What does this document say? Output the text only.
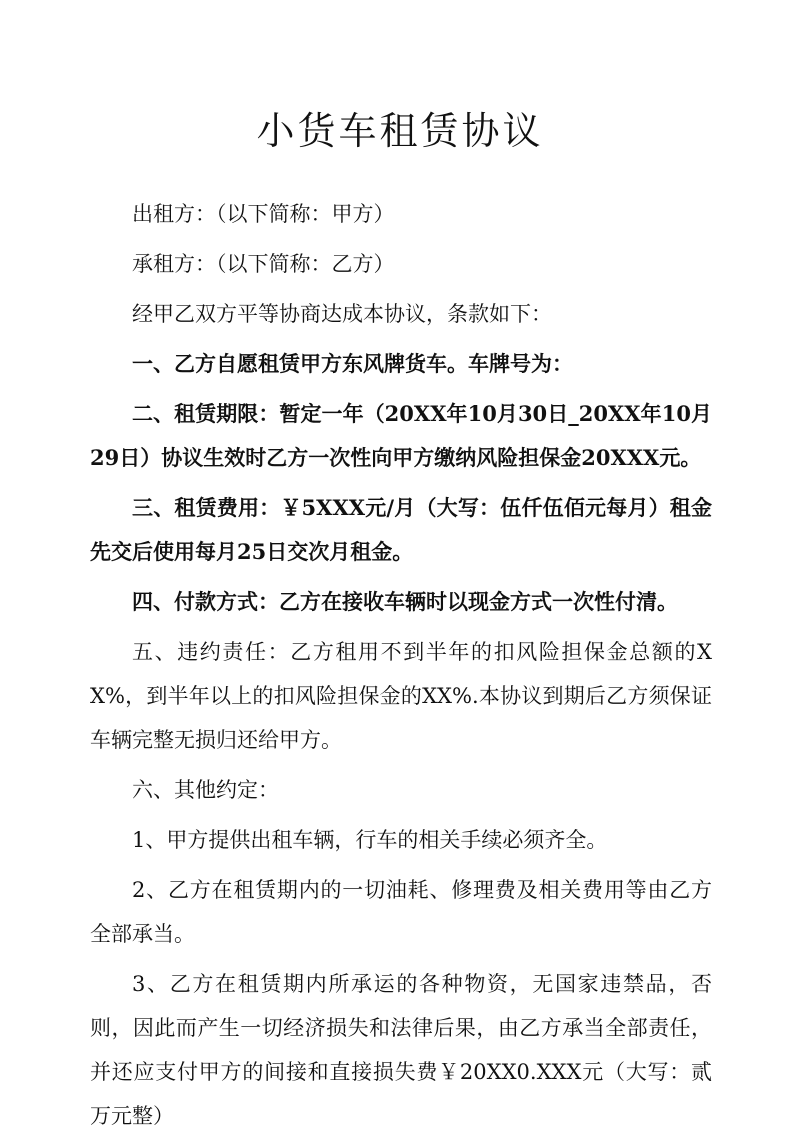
小货车租赁协议

出租方：（以下简称：甲方）

承租方：（以下简称：乙方）

经甲乙双方平等协商达成本协议，条款如下：

一、乙方自愿租赁甲方东风牌货车。车牌号为：

二、租赁期限：暂定一年（20XX年10月30日_20XX年10月29日）协议生效时乙方一次性向甲方缴纳风险担保金20XXX元。

三、租赁费用：￥5XXX元/月（大写：伍仟伍佰元每月）租金先交后使用每月25日交次月租金。

四、付款方式：乙方在接收车辆时以现金方式一次性付清。

五、违约责任：乙方租用不到半年的扣风险担保金总额的XX%，到半年以上的扣风险担保金的XX%.本协议到期后乙方须保证车辆完整无损归还给甲方。

六、其他约定：

1、甲方提供出租车辆，行车的相关手续必须齐全。

2、乙方在租赁期内的一切油耗、修理费及相关费用等由乙方全部承当。

3、乙方在租赁期内所承运的各种物资，无国家违禁品，否则，因此而产生一切经济损失和法律后果，由乙方承当全部责任，并还应支付甲方的间接和直接损失费￥20XX0.XXX元（大写：贰万元整）
